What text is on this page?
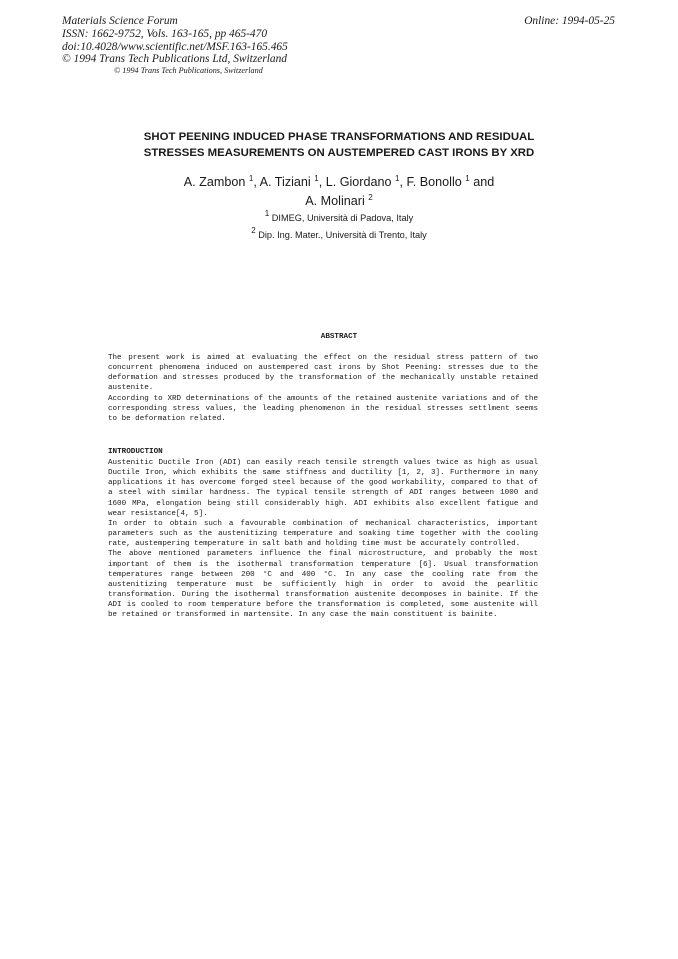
Materials Science Forum
ISSN: 1662-9752, Vols. 163-165, pp 465-470
doi:10.4028/www.scientific.net/MSF.163-165.465
© 1994 Trans Tech Publications Ltd, Switzerland
Online: 1994-05-25
© 1994 Trans Tech Publications, Switzerland
SHOT PEENING INDUCED PHASE TRANSFORMATIONS AND RESIDUAL
STRESSES MEASUREMENTS ON AUSTEMPERED CAST IRONS BY XRD
A. Zambon $^1$, A. Tiziani $^1$, L. Giordano $^1$, F. Bonollo $^1$ and
A. Molinari $^2$
$^1$ DIMEG, Università di Padova, Italy
$^2$ Dip. Ing. Mater., Università di Trento, Italy
ABSTRACT

The present work is aimed at evaluating the effect on the residual stress pattern of two concurrent phenomena induced on austempered cast irons by Shot Peening: stresses due to the deformation and stresses produced by the transformation of the mechanically unstable retained austenite.

According to XRD determinations of the amounts of the retained austenite variations and of the corresponding stress values, the leading phenomenon in the residual stresses settlment seems to be deformation related.

INTRODUCTION

Austenitic Ductile Iron (ADI) can easily reach tensile strength values twice as high as usual Ductile Iron, which exhibits the same stiffness and ductility [1, 2, 3]. Furthermore in many applications it has overcome forged steel because of the good workability, compared to that of a steel with similar hardness. The typical tensile strength of ADI ranges between 1000 and 1600 MPa, elongation being still considerably high. ADI exhibits also excellent fatigue and wear resistance[4, 5].

In order to obtain such a favourable combination of mechanical characteristics, important parameters such as the austenitizing temperature and soaking time together with the cooling rate, austempering temperature in salt bath and holding time must be accurately controlled.

The above mentioned parameters influence the final microstructure, and probably the most important of them is the isothermal transformation temperature [6]. Usual transformation temperatures range between 200 °C and 400 °C. In any case the cooling rate from the austenitizing temperature must be sufficiently high in order to avoid the pearlitic transformation. During the isothermal transformation austenite decomposes in bainite. If the ADI is cooled to room temperature before the transformation is completed, some austenite will be retained or transformed in martensite. In any case the main constituent is bainite.
